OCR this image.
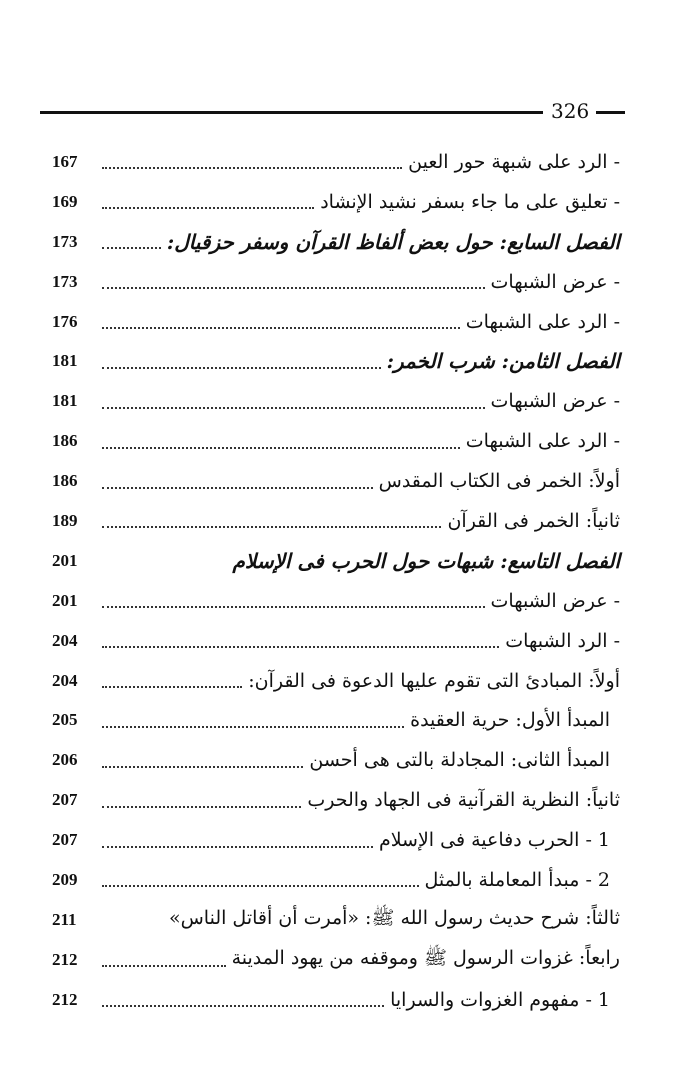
326
167	- الرد على شبهة حور العين
169	- تعليق على ما جاء بسفر نشيد الإنشاد
173	الفصل السابع: حول بعض ألفاظ القرآن وسفر حزقيال:
173	- عرض الشبهات
176	- الرد على الشبهات
181	الفصل الثامن: شرب الخمر:
181	- عرض الشبهات
186	- الرد على الشبهات
186	أولاً: الخمر فى الكتاب المقدس
189	ثانياً: الخمر فى القرآن
201	الفصل التاسع: شبهات حول الحرب فى الإسلام
201	- عرض الشبهات
204	- الرد الشبهات
204	أولاً: المبادئ التى تقوم عليها الدعوة فى القرآن:
205	المبدأ الأول: حرية العقيدة
206	المبدأ الثانى: المجادلة بالتى هى أحسن
207	ثانياً: النظرية القرآنية فى الجهاد والحرب
207	1 - الحرب دفاعية فى الإسلام
209	2 - مبدأ المعاملة بالمثل
211	ثالثاً: شرح حديث رسول الله ﷺ: «أمرت أن أقاتل الناس»
212	رابعاً: غزوات الرسول ﷺ وموقفه من يهود المدينة
212	1 - مفهوم الغزوات والسرايا
